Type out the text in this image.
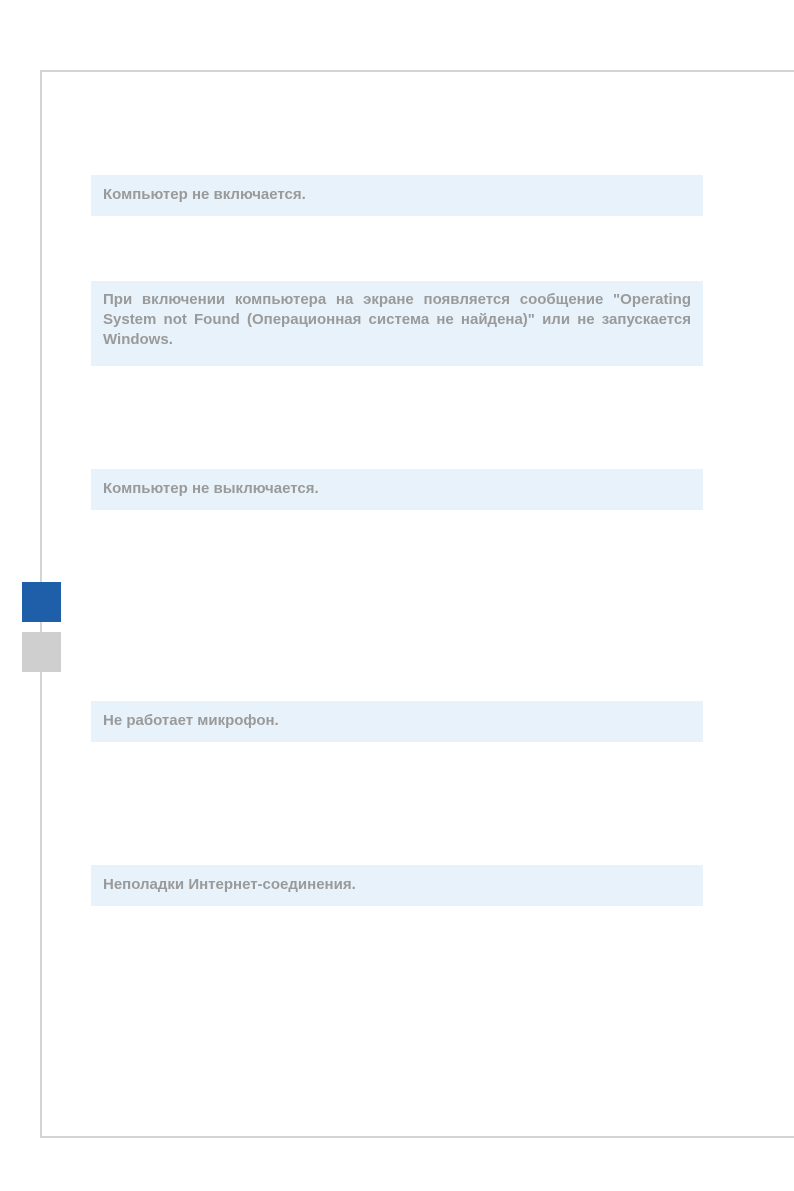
Компьютер не включается.
При включении компьютера на экране появляется сообщение "Operating System not Found (Операционная система не найдена)" или не запускается Windows.
Компьютер не выключается.
Не работает микрофон.
Неполадки Интернет-соединения.
